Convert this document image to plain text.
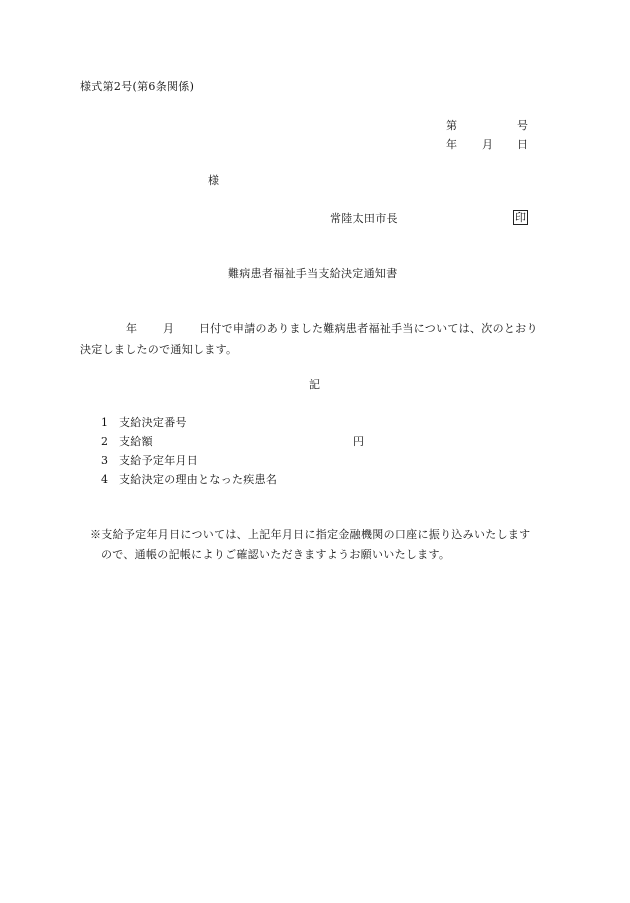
様式第2号(第6条関係)
第	号
年 月 日
様
常陸太田市長	印
難病患者福祉手当支給決定通知書
年 月 日付で申請のありました難病患者福祉手当については、次のとおり
決定しましたので通知します。
記
1 支給決定番号
2 支給額	円
3 支給予定年月日
4 支給決定の理由となった疾患名
※支給予定年月日については、上記年月日に指定金融機関の口座に振り込みいたします
ので、通帳の記帳によりご確認いただきますようお願いいたします。
